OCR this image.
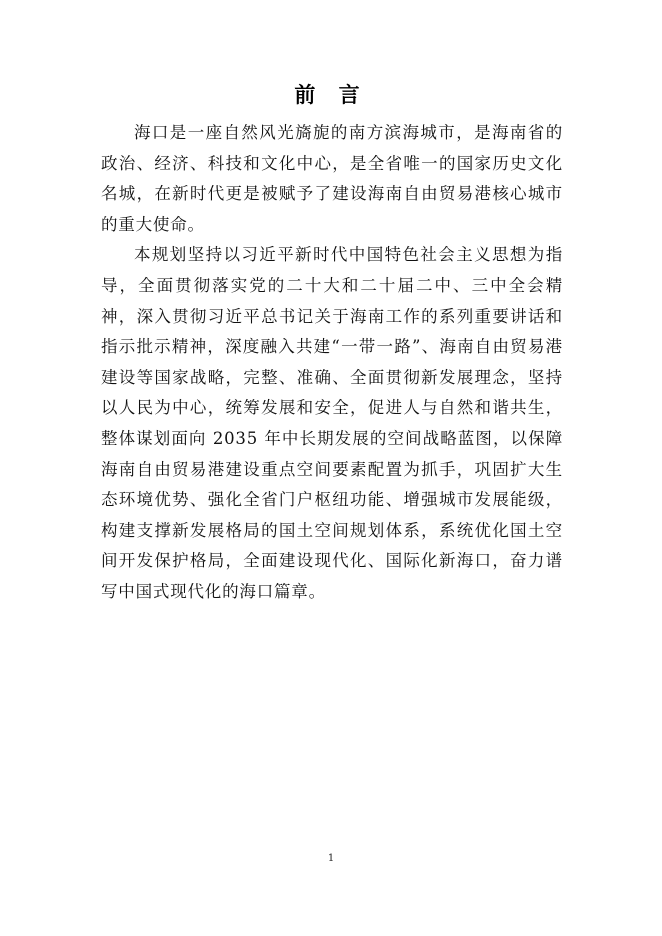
前 言

海口是一座自然风光旖旎的南方滨海城市，是海南省的政治、经济、科技和文化中心，是全省唯一的国家历史文化名城，在新时代更是被赋予了建设海南自由贸易港核心城市的重大使命。

本规划坚持以习近平新时代中国特色社会主义思想为指导，全面贯彻落实党的二十大和二十届二中、三中全会精神，深入贯彻习近平总书记关于海南工作的系列重要讲话和指示批示精神，深度融入共建“一带一路”、海南自由贸易港建设等国家战略，完整、准确、全面贯彻新发展理念，坚持以人民为中心，统筹发展和安全，促进人与自然和谐共生，整体谋划面向 2035 年中长期发展的空间战略蓝图，以保障海南自由贸易港建设重点空间要素配置为抓手，巩固扩大生态环境优势、强化全省门户枢纽功能、增强城市发展能级，构建支撑新发展格局的国土空间规划体系，系统优化国土空间开发保护格局，全面建设现代化、国际化新海口，奋力谱写中国式现代化的海口篇章。

1
